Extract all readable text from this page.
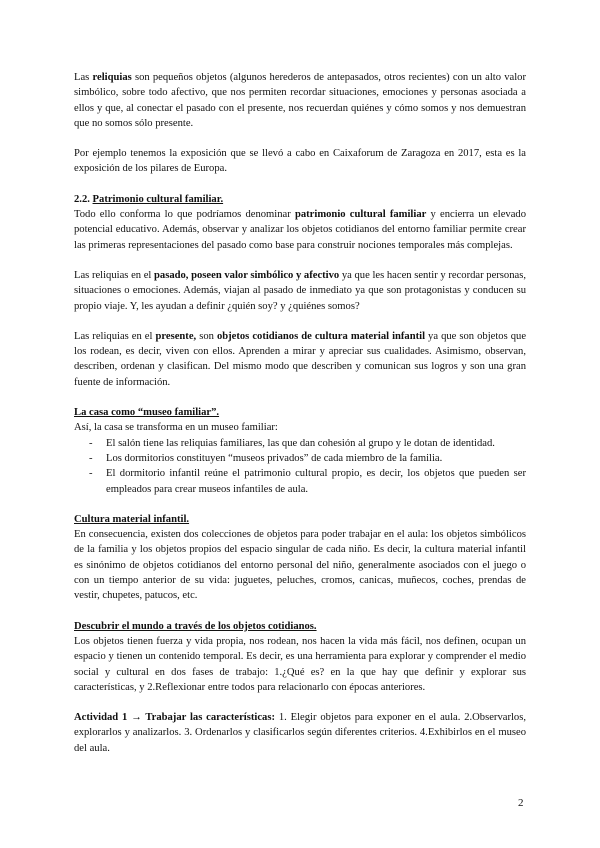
Las reliquias son pequeños objetos (algunos herederos de antepasados, otros recientes) con un alto valor simbólico, sobre todo afectivo, que nos permiten recordar situaciones, emociones y personas asociada a ellos y que, al conectar el pasado con el presente, nos recuerdan quiénes y cómo somos y nos demuestran que no somos sólo presente.

Por ejemplo tenemos la exposición que se llevó a cabo en Caixaforum de Zaragoza en 2017, esta es la exposición de los pilares de Europa.

2.2. Patrimonio cultural familiar.

Todo ello conforma lo que podríamos denominar patrimonio cultural familiar y encierra un elevado potencial educativo. Además, observar y analizar los objetos cotidianos del entorno familiar permite crear las primeras representaciones del pasado como base para construir nociones temporales más complejas.

Las reliquias en el pasado, poseen valor simbólico y afectivo ya que les hacen sentir y recordar personas, situaciones o emociones. Además, viajan al pasado de inmediato ya que son protagonistas y conducen su propio viaje. Y, les ayudan a definir ¿quién soy? y ¿quiénes somos?

Las reliquias en el presente, son objetos cotidianos de cultura material infantil ya que son objetos que los rodean, es decir, viven con ellos. Aprenden a mirar y apreciar sus cualidades. Asimismo, observan, describen, ordenan y clasifican. Del mismo modo que describen y comunican sus logros y son una gran fuente de información.

La casa como “museo familiar”.

Así, la casa se transforma en un museo familiar:

- El salón tiene las reliquias familiares, las que dan cohesión al grupo y le dotan de identidad.
- Los dormitorios constituyen “museos privados” de cada miembro de la familia.
- El dormitorio infantil reúne el patrimonio cultural propio, es decir, los objetos que pueden ser empleados para crear museos infantiles de aula.

Cultura material infantil.

En consecuencia, existen dos colecciones de objetos para poder trabajar en el aula: los objetos simbólicos de la familia y los objetos propios del espacio singular de cada niño. Es decir, la cultura material infantil es sinónimo de objetos cotidianos del entorno personal del niño, generalmente asociados con el juego o con un tiempo anterior de su vida: juguetes, peluches, cromos, canicas, muñecos, coches, prendas de vestir, chupetes, patucos, etc.

Descubrir el mundo a través de los objetos cotidianos.

Los objetos tienen fuerza y vida propia, nos rodean, nos hacen la vida más fácil, nos definen, ocupan un espacio y tienen un contenido temporal. Es decir, es una herramienta para explorar y comprender el medio social y cultural en dos fases de trabajo: 1.¿Qué es? en la que hay que definir y explorar sus características, y 2.Reflexionar entre todos para relacionarlo con épocas anteriores.

Actividad 1 → Trabajar las características: 1. Elegir objetos para exponer en el aula. 2.Observarlos, explorarlos y analizarlos. 3. Ordenarlos y clasificarlos según diferentes criterios. 4.Exhibirlos en el museo del aula.

2
